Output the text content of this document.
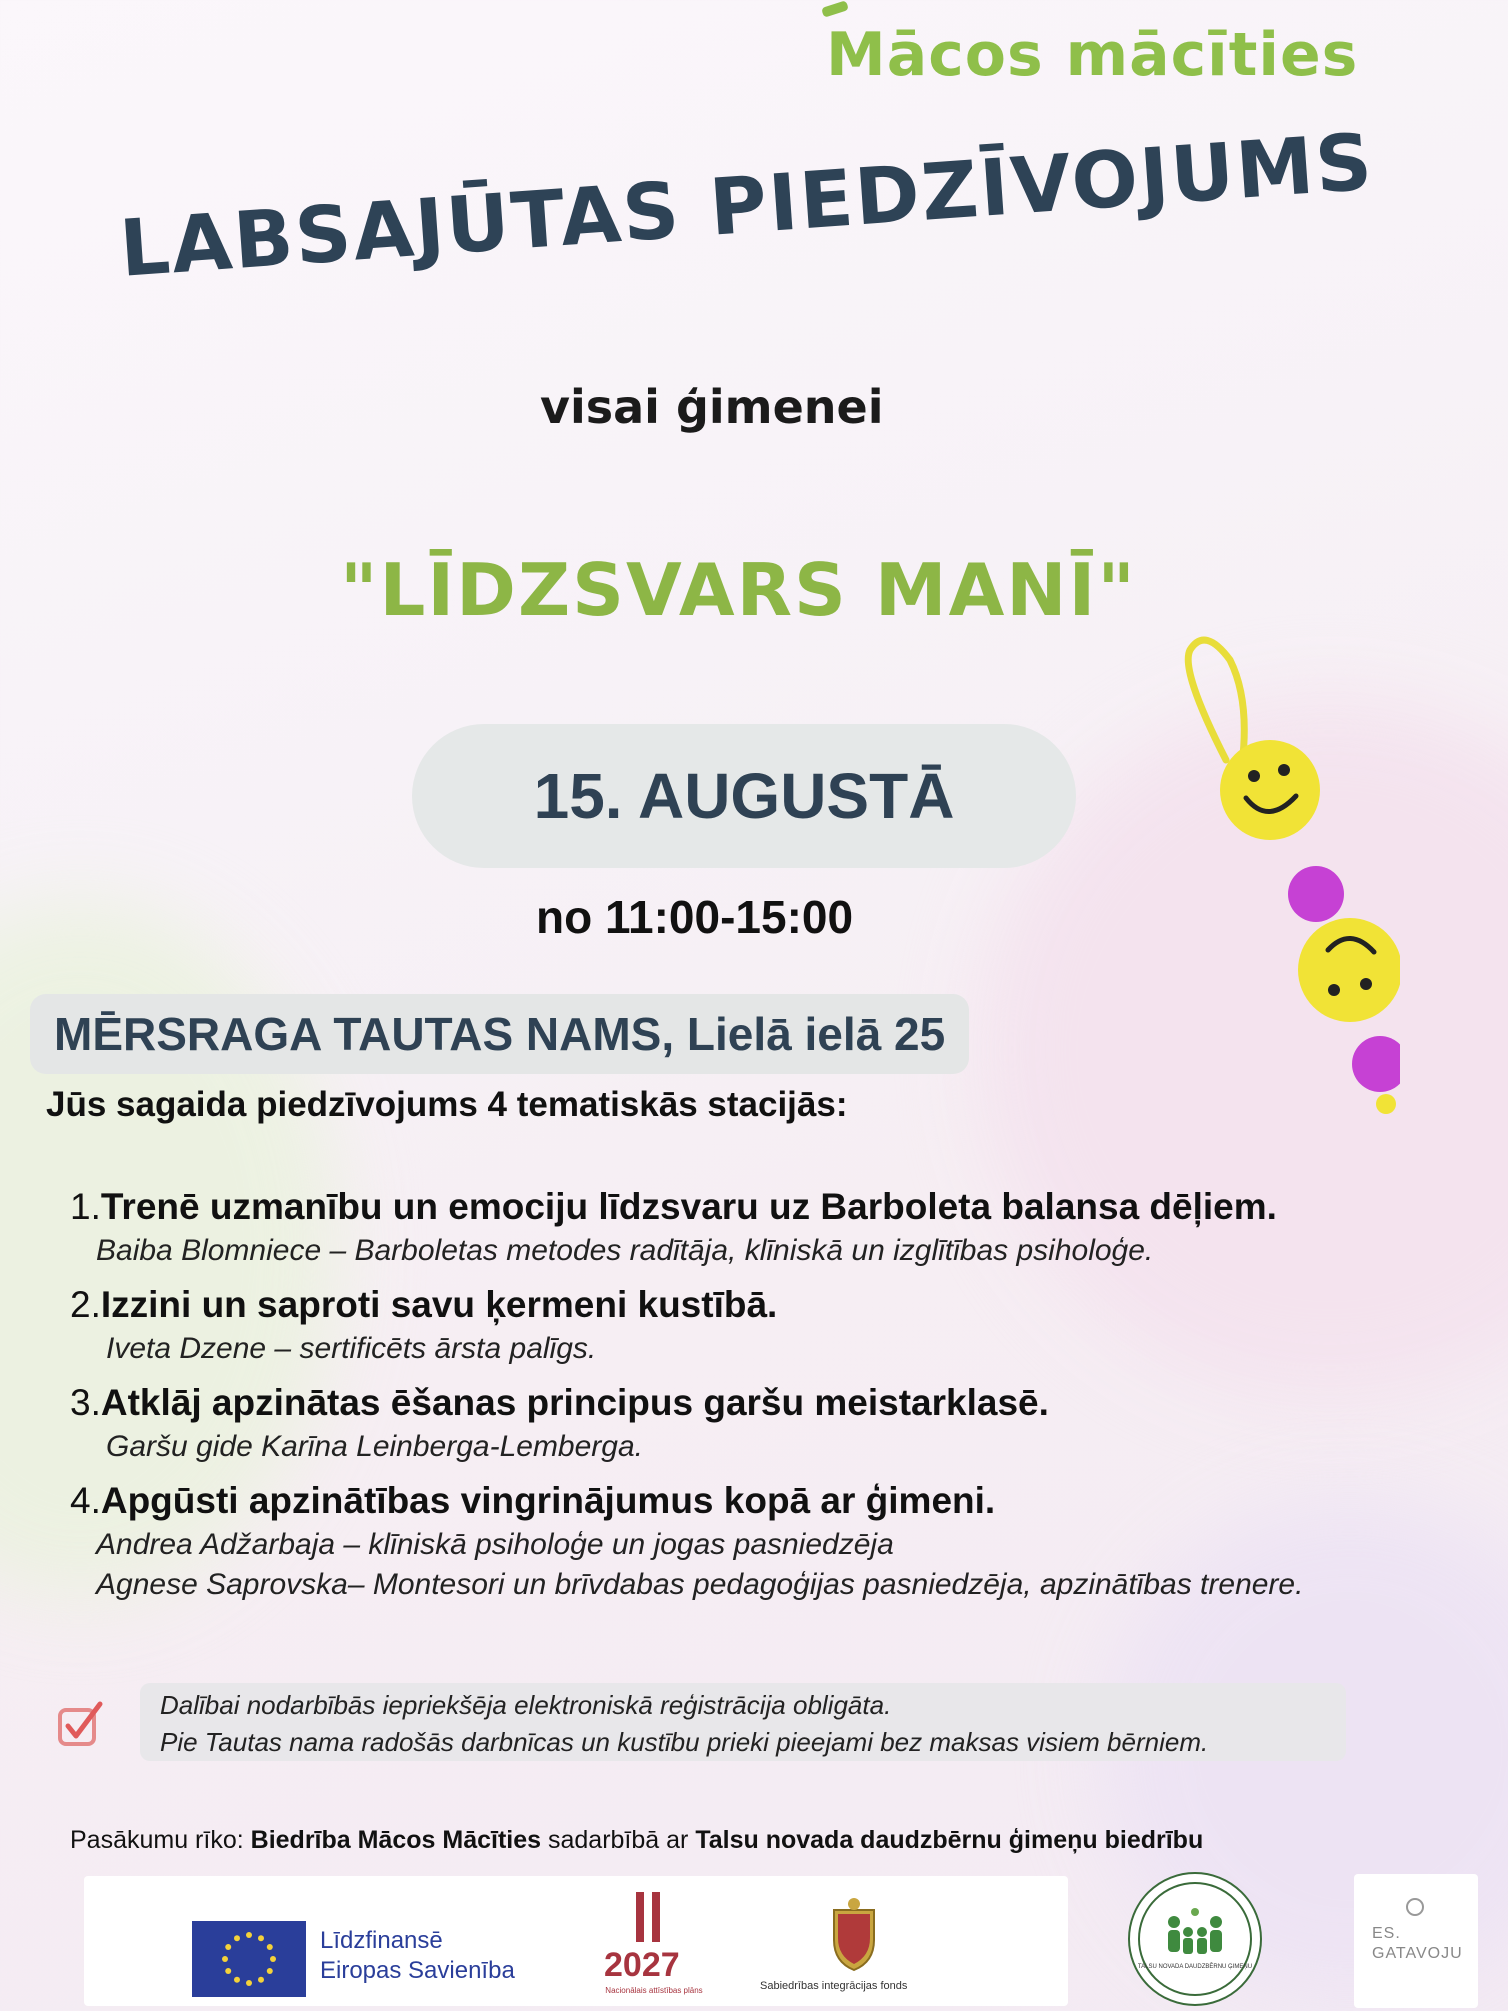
Mācos mācīties
LABSAJŪTAS PIEDZĪVOJUMS
visai ģimenei
"LĪDZSVARS MANĪ"
15. AUGUSTĀ
no 11:00-15:00
MĒRSRAGA TAUTAS NAMS, Lielā ielā 25
Jūs sagaida piedzīvojums 4 tematiskās stacijās:
1.Trenē uzmanību un emociju līdzsvaru uz Barboleta balansa dēļiem.
Baiba Blomniece – Barboletas metodes radītāja, klīniskā un izglītības psiholoģe.
2.Izzini un saproti savu ķermeni kustībā.
Iveta Dzene – sertificēts ārsta palīgs.
3.Atklāj apzinātas ēšanas principus garšu meistarklasē.
Garšu gide Karīna Leinberga-Lemberga.
4.Apgūsti apzinātības vingrinājumus kopā ar ģimeni.
Andrea Adžarbaja – klīniskā psiholoģe un jogas pasniedzēja
Agnese Saprovska– Montesori un brīvdabas pedagoģijas pasniedzēja, apzinātības trenere.
Dalībai nodarbībās iepriekšēja elektroniskā reģistrācija obligāta.
Pie Tautas nama radošās darbnīcas un kustību prieki pieejami bez maksas visiem bērniem.
Pasākumu rīko: Biedrība Mācos Mācīties sadarbībā ar Talsu novada daudzbērnu ģimeņu biedrību
Līdzfinansē
Eiropas Savienība	2027
Nacionālais attīstības plāns	Sabiedrības integrācijas fonds
TALSU NOVADA DAUDZBĒRNU ĢIMEŅU
ES.
GATAVOJU
